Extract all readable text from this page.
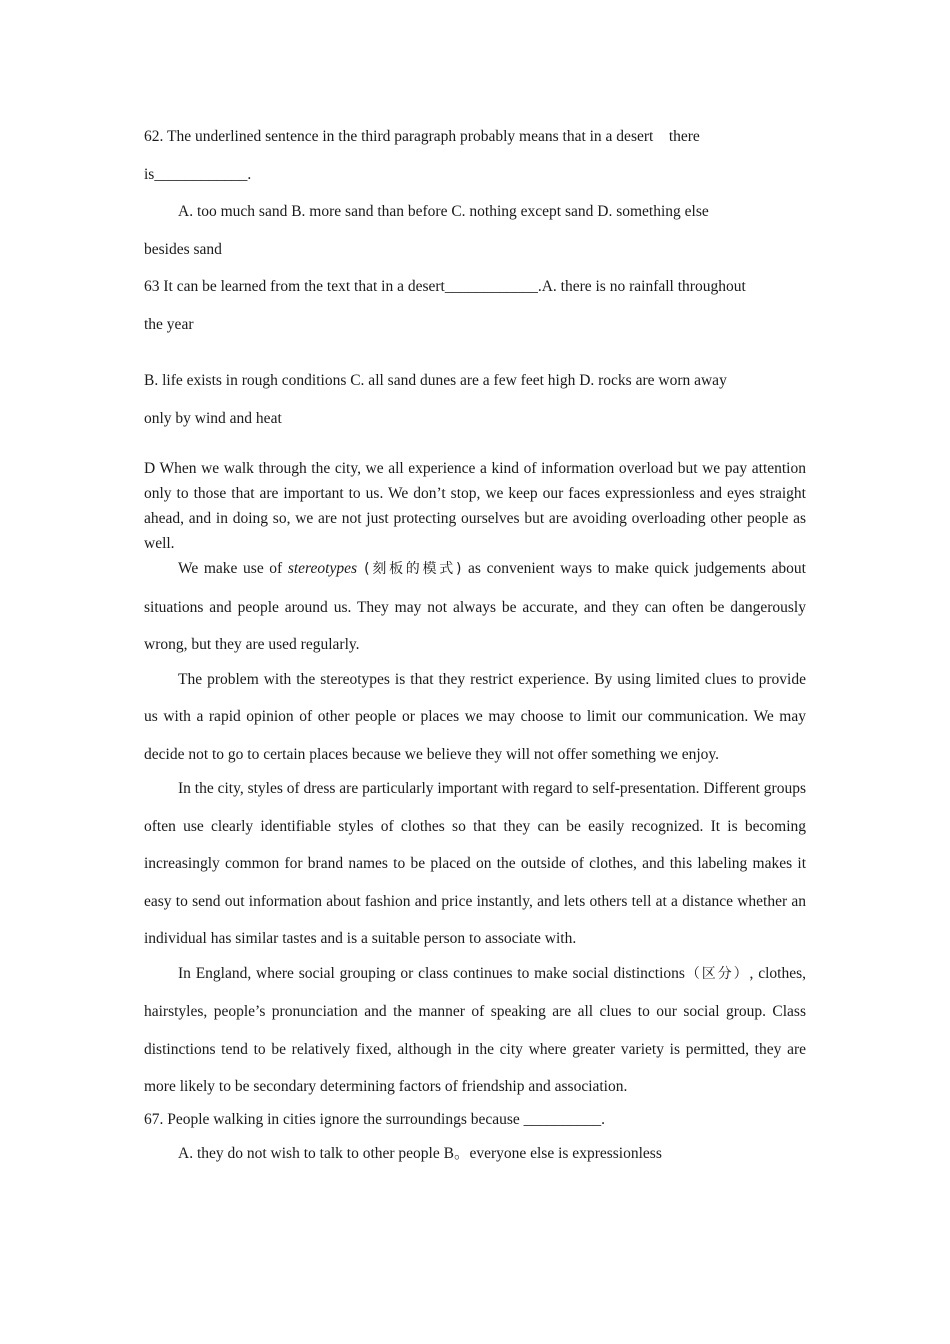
62. The underlined sentence in the third paragraph probably means that in a desert there

is____________.

A. too much sand B. more sand than before C. nothing except sand D. something else

besides sand

63 It can be learned from the text that in a desert____________.A. there is no rainfall throughout

the year

B. life exists in rough conditions C. all sand dunes are a few feet high D. rocks are worn away

only by wind and heat

D When we walk through the city, we all experience a kind of information overload but we pay attention only to those that are important to us. We don’t stop, we keep our faces expressionless and eyes straight ahead, and in doing so, we are not just protecting ourselves but are avoiding overloading other people as well.

We make use of stereotypes (刻板的模式) as convenient ways to make quick judgements about situations and people around us. They may not always be accurate, and they can often be dangerously wrong, but they are used regularly.

The problem with the stereotypes is that they restrict experience. By using limited clues to provide us with a rapid opinion of other people or places we may choose to limit our communication. We may decide not to go to certain places because we believe they will not offer something we enjoy.

In the city, styles of dress are particularly important with regard to self-presentation. Different groups often use clearly identifiable styles of clothes so that they can be easily recognized. It is becoming increasingly common for brand names to be placed on the outside of clothes, and this labeling makes it easy to send out information about fashion and price instantly, and lets others tell at a distance whether an individual has similar tastes and is a suitable person to associate with.

In England, where social grouping or class continues to make social distinctions（区分）, clothes, hairstyles, people’s pronunciation and the manner of speaking are all clues to our social group. Class distinctions tend to be relatively fixed, although in the city where greater variety is permitted, they are more likely to be secondary determining factors of friendship and association.

67. People walking in cities ignore the surroundings because __________.

A. they do not wish to talk to other people B。everyone else is expressionless
